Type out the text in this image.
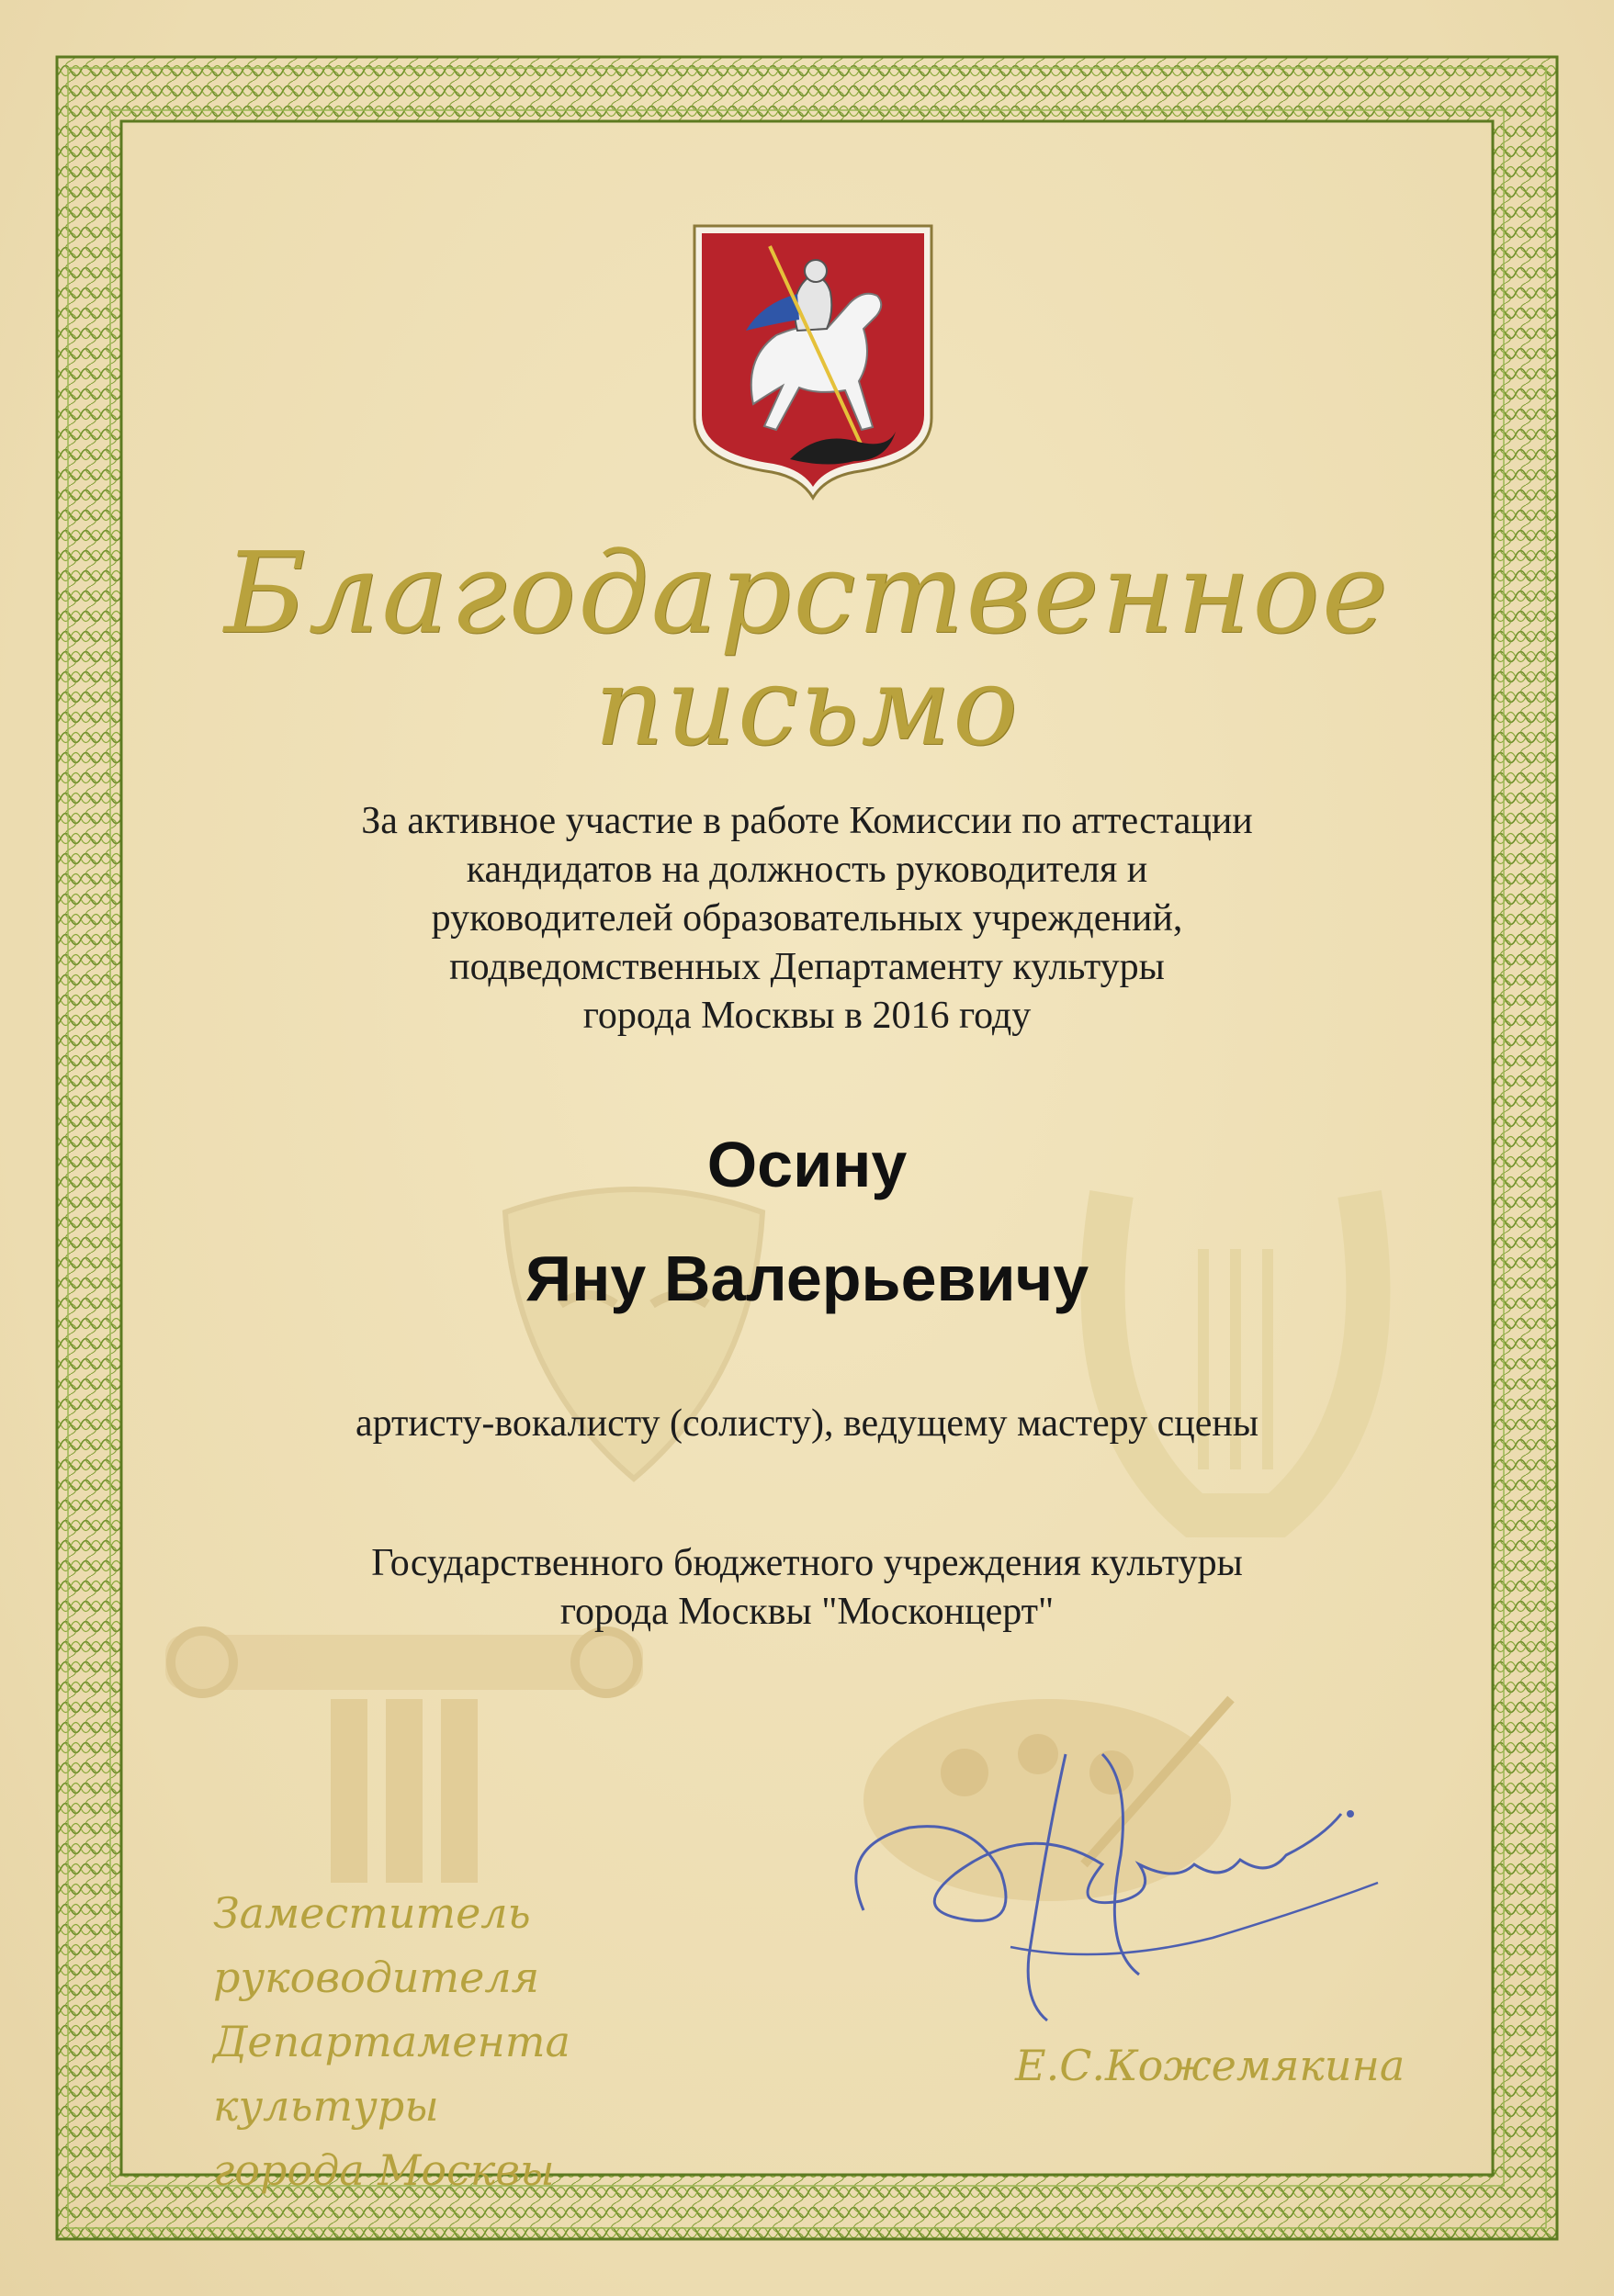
Благодарственное
письмо
За активное участие в работе Комиссии по аттестации
кандидатов на должность руководителя и
руководителей образовательных учреждений,
подведомственных Департаменту культуры
города Москвы в 2016 году
Осину
Яну Валерьевичу
артисту-вокалисту (солисту), ведущему мастеру сцены
Государственного бюджетного учреждения культуры
города Москвы "Москонцерт"
Заместитель руководителя
Департамента культуры
города Москвы
Е.С.Кожемякина
